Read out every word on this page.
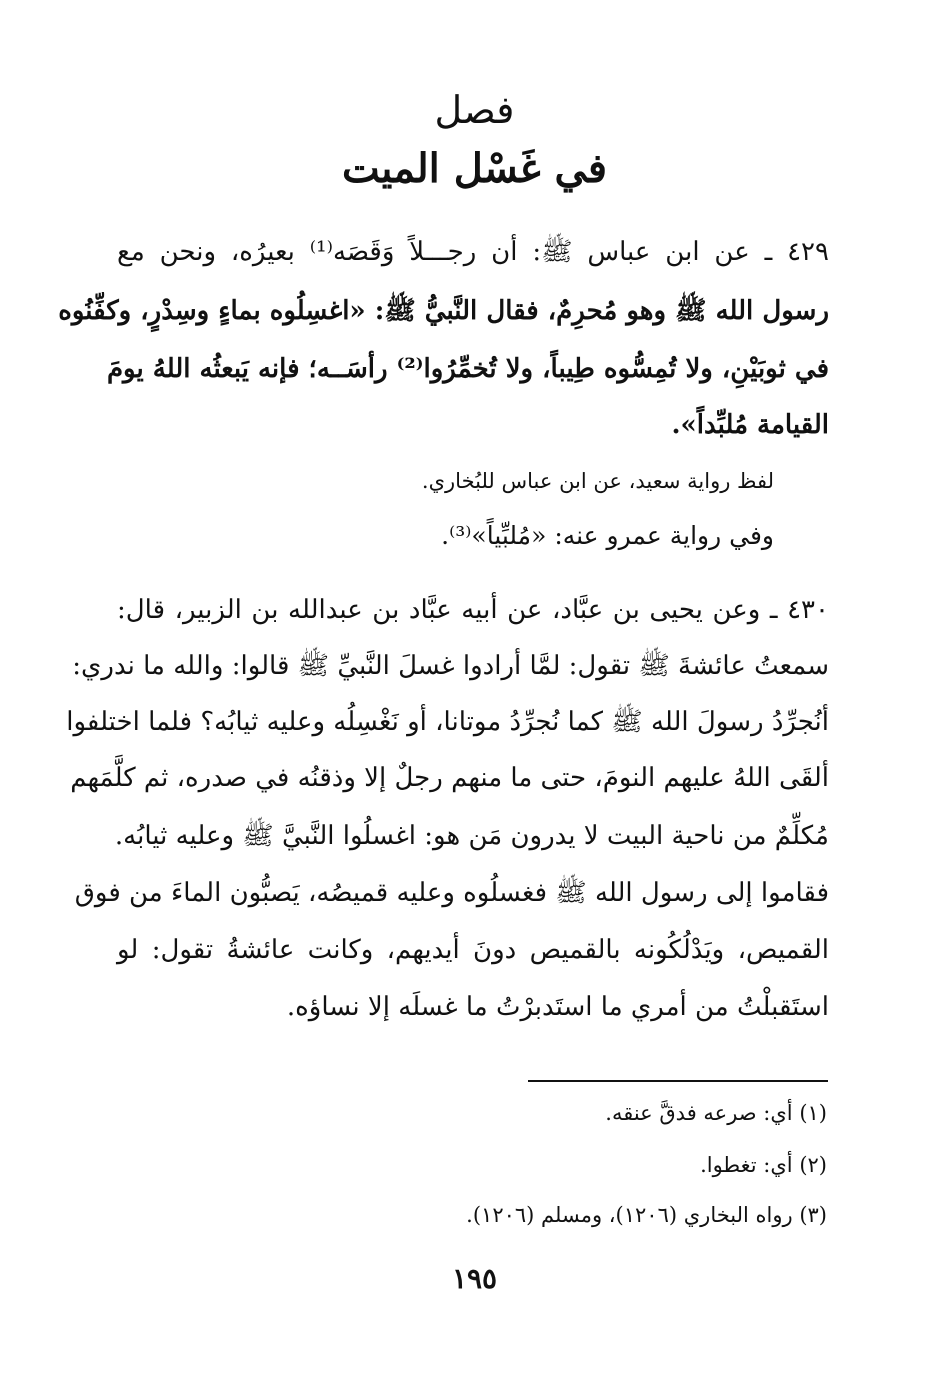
فصل
في غَسْل الميت
٤٢٩ ـ عن ابن عباس ﷺ: أن رجـــلاً وَقَصَه⁽¹⁾ بعيرُه، ونحن مع
رسول الله ﷺ وهو مُحرِمٌ، فقال النَّبيُّ ﷺ: «اغسِلُوه بماءٍ وسِدْرٍ، وكفِّنُوه
في ثوبَيْنِ، ولا تُمِسُّوه طِيباً، ولا تُخمِّرُوا⁽²⁾ رأسَــه؛ فإنه يَبعثُه اللهُ يومَ
القيامة مُلبِّداً».
لفظ رواية سعيد، عن ابن عباس للبُخاري.
وفي رواية عمرو عنه: «مُلبِّياً»⁽³⁾.
٤٣٠ ـ وعن يحيى بن عبَّاد، عن أبيه عبَّاد بن عبدالله بن الزبير، قال:
سمعتُ عائشةَ ﷺ تقول: لمَّا أرادوا غسلَ النَّبيِّ ﷺ قالوا: والله ما ندري:
أنُجرِّدُ رسولَ الله ﷺ كما نُجرِّدُ موتانا، أو نَغْسِلُه وعليه ثيابُه؟ فلما اختلفوا
ألقَى اللهُ عليهم النومَ، حتى ما منهم رجلٌ إلا وذقنُه في صدره، ثم كلَّمَهم
مُكلِّمٌ من ناحية البيت لا يدرون مَن هو: اغسلُوا النَّبيَّ ﷺ وعليه ثيابُه.
فقاموا إلى رسول الله ﷺ فغسلُوه وعليه قميصُه، يَصبُّون الماءَ من فوق
القميص، ويَدْلُكُونه بالقميص دونَ أيديهم، وكانت عائشةُ تقول: لو
استَقبلْتُ من أمري ما استَدبرْتُ ما غسلَه إلا نساؤه.
(١) أي: صرعه فدقَّ عنقه.
(٢) أي: تغطوا.
(٣) رواه البخاري (١٢٠٦)، ومسلم (١٢٠٦).
١٩٥
